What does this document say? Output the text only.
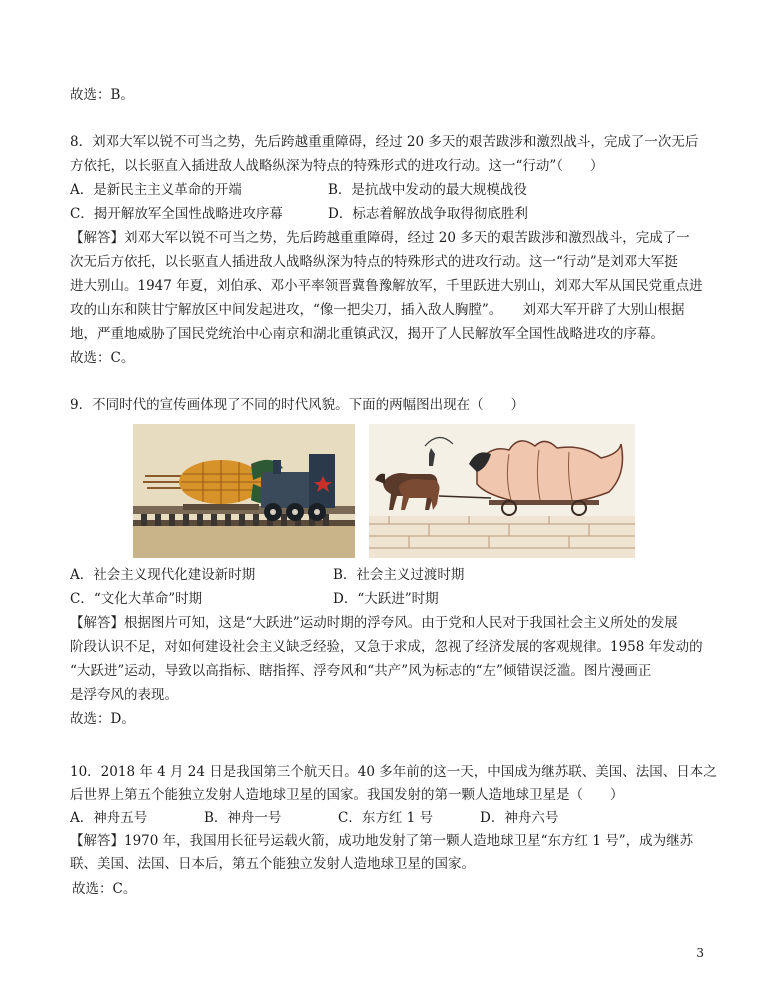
故选：B。
8．刘邓大军以锐不可当之势，先后跨越重重障碍，经过 20 多天的艰苦跋涉和激烈战斗，完成了一次无后
方依托，以长驱直入插进敌人战略纵深为特点的特殊形式的进攻行动。这一“行动”（　　）
A．是新民主主义革命的开端	B．是抗战中发动的最大规模战役
C．揭开解放军全国性战略进攻序幕	D．标志着解放战争取得彻底胜利
【解答】刘邓大军以锐不可当之势，先后跨越重重障碍，经过 20 多天的艰苦跋涉和激烈战斗，完成了一
次无后方依托，以长驱直人插进敌人战略纵深为特点的特殊形式的进攻行动。这一“行动”是刘邓大军挺
进大别山。1947 年夏，刘伯承、邓小平率领晋冀鲁豫解放军，千里跃进大别山，刘邓大军从国民党重点进
攻的山东和陕甘宁解放区中间发起进攻，“像一把尖刀，插入敌人胸膛”。　　刘邓大军开辟了大别山根据
地，严重地威胁了国民党统治中心南京和湖北重镇武汉，揭开了人民解放军全国性战略进攻的序幕。
故选：C。
9．不同时代的宣传画体现了不同的时代风貌。下面的两幅图出现在（　　）
A．社会主义现代化建设新时期	B．社会主义过渡时期
C．“文化大革命”时期	D．“大跃进”时期
【解答】根据图片可知，这是“大跃进”运动时期的浮夸风。由于党和人民对于我国社会主义所处的发展
阶段认识不足，对如何建设社会主义缺乏经验，又急于求成，忽视了经济发展的客观规律。1958 年发动的
“大跃进”运动，导致以高指标、瞎指挥、浮夸风和“共产”风为标志的“左”倾错误泛滥。图片漫画正
是浮夸风的表现。
故选：D。
10．2018 年 4 月 24 日是我国第三个航天日。40 多年前的这一天，中国成为继苏联、美国、法国、日本之
后世界上第五个能独立发射人造地球卫星的国家。我国发射的第一颗人造地球卫星是（　　）
A．神舟五号	B．神舟一号	C．东方红 1 号	D．神舟六号
【解答】1970 年，我国用长征号运载火箭，成功地发射了第一颗人造地球卫星“东方红 1 号”，成为继苏
联、美国、法国、日本后，第五个能独立发射人造地球卫星的国家。
故选：C。
3
